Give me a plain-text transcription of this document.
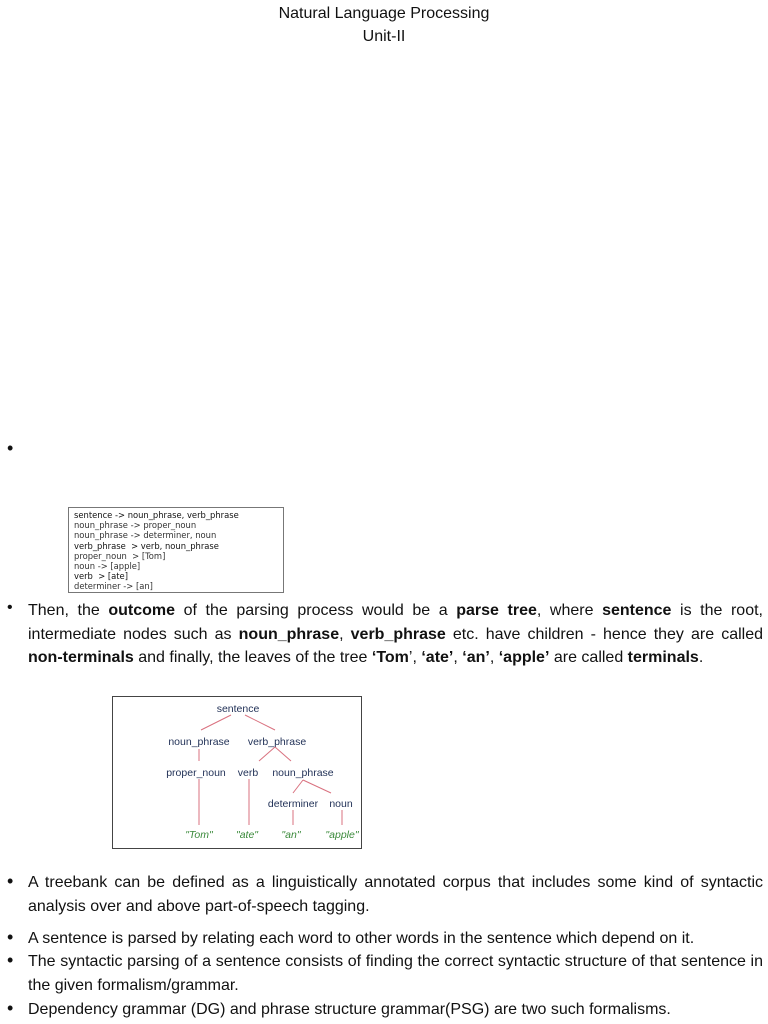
Natural Language Processing
Unit-II
•
sentence -> noun_phrase, verb_phrase
noun_phrase -> proper_noun
noun_phrase -> determiner, noun
verb_phrase  > verb, noun_phrase
proper_noun  > [Tom]
noun -> [apple]
verb  > [ate]
determiner -> [an]
• Then, the outcome of the parsing process would be a parse tree, where sentence is the root, intermediate nodes such as noun_phrase, verb_phrase etc. have children - hence they are called non-terminals and finally, the leaves of the tree ‘Tom’, ‘ate’, ‘an’, ‘apple’ are called terminals.
sentence
noun_phrase verb_phrase
proper_noun verb noun_phrase
determiner noun
"Tom" "ate" "an" "apple"
• A treebank can be defined as a linguistically annotated corpus that includes some kind of syntactic analysis over and above part-of-speech tagging.
• A sentence is parsed by relating each word to other words in the sentence which depend on it.
• The syntactic parsing of a sentence consists of finding the correct syntactic structure of that sentence in the given formalism/grammar.
• Dependency grammar (DG) and phrase structure grammar(PSG) are two such formalisms.
